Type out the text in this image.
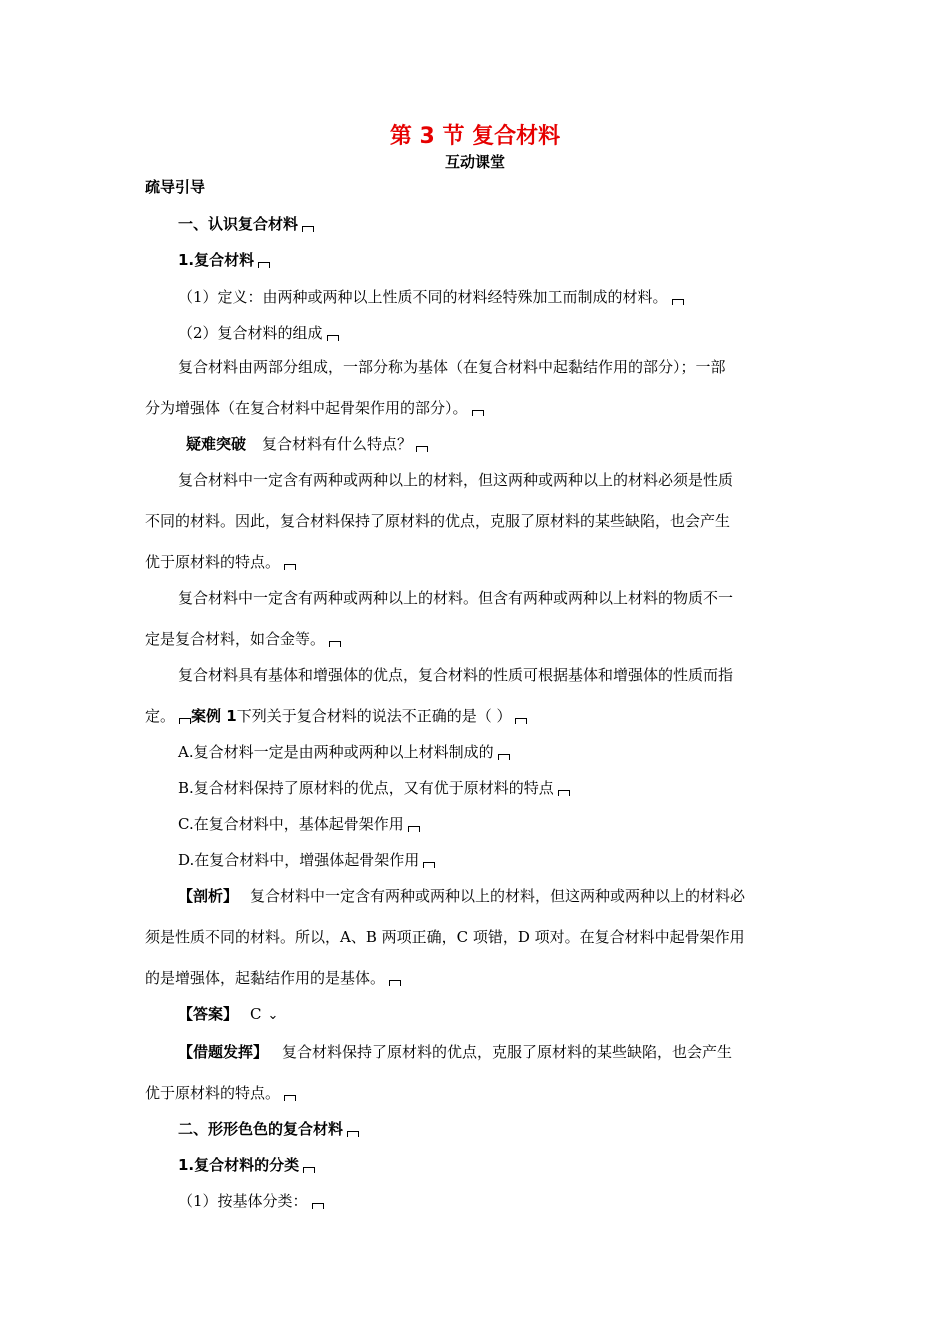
第 3 节 复合材料
互动课堂
疏导引导
一、认识复合材料
1.复合材料
（1）定义：由两种或两种以上性质不同的材料经特殊加工而制成的材料。
（2）复合材料的组成
复合材料由两部分组成，一部分称为基体（在复合材料中起黏结作用的部分）；一部
分为增强体（在复合材料中起骨架作用的部分）。
疑难突破 复合材料有什么特点？
复合材料中一定含有两种或两种以上的材料，但这两种或两种以上的材料必须是性质
不同的材料。因此，复合材料保持了原材料的优点，克服了原材料的某些缺陷，也会产生
优于原材料的特点。
复合材料中一定含有两种或两种以上的材料。但含有两种或两种以上材料的物质不一
定是复合材料，如合金等。
复合材料具有基体和增强体的优点，复合材料的性质可根据基体和增强体的性质而指
定。 案例 1下列关于复合材料的说法不正确的是（ ）
A.复合材料一定是由两种或两种以上材料制成的
B.复合材料保持了原材料的优点，又有优于原材料的特点
C.在复合材料中，基体起骨架作用
D.在复合材料中，增强体起骨架作用
【剖析】 复合材料中一定含有两种或两种以上的材料，但这两种或两种以上的材料必
须是性质不同的材料。所以，A、B 两项正确，C 项错，D 项对。在复合材料中起骨架作用
的是增强体，起黏结作用的是基体。
【答案】 C ⌄
【借题发挥】 复合材料保持了原材料的优点，克服了原材料的某些缺陷，也会产生
优于原材料的特点。
二、形形色色的复合材料
1.复合材料的分类
（1）按基体分类：
